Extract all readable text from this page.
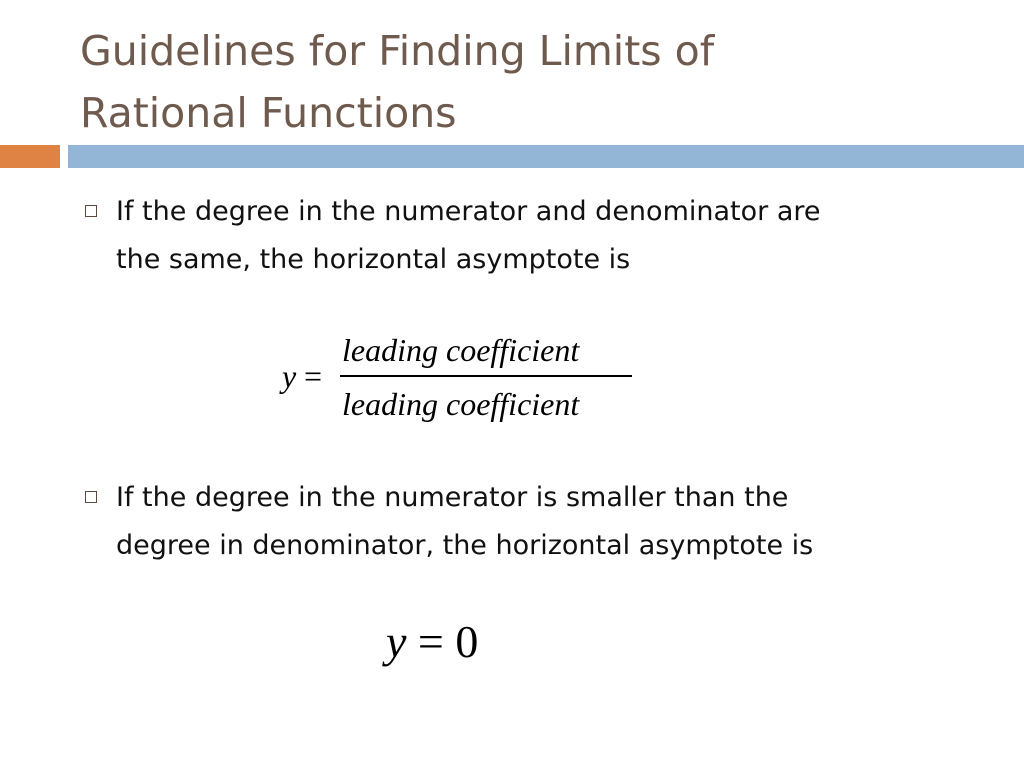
Guidelines for Finding Limits of
Rational Functions
If the degree in the numerator and denominator are
the same, the horizontal asymptote is
y =
leading coefficient
leading coefficient
If the degree in the numerator is smaller than the
degree in denominator, the horizontal asymptote is
y = 0
